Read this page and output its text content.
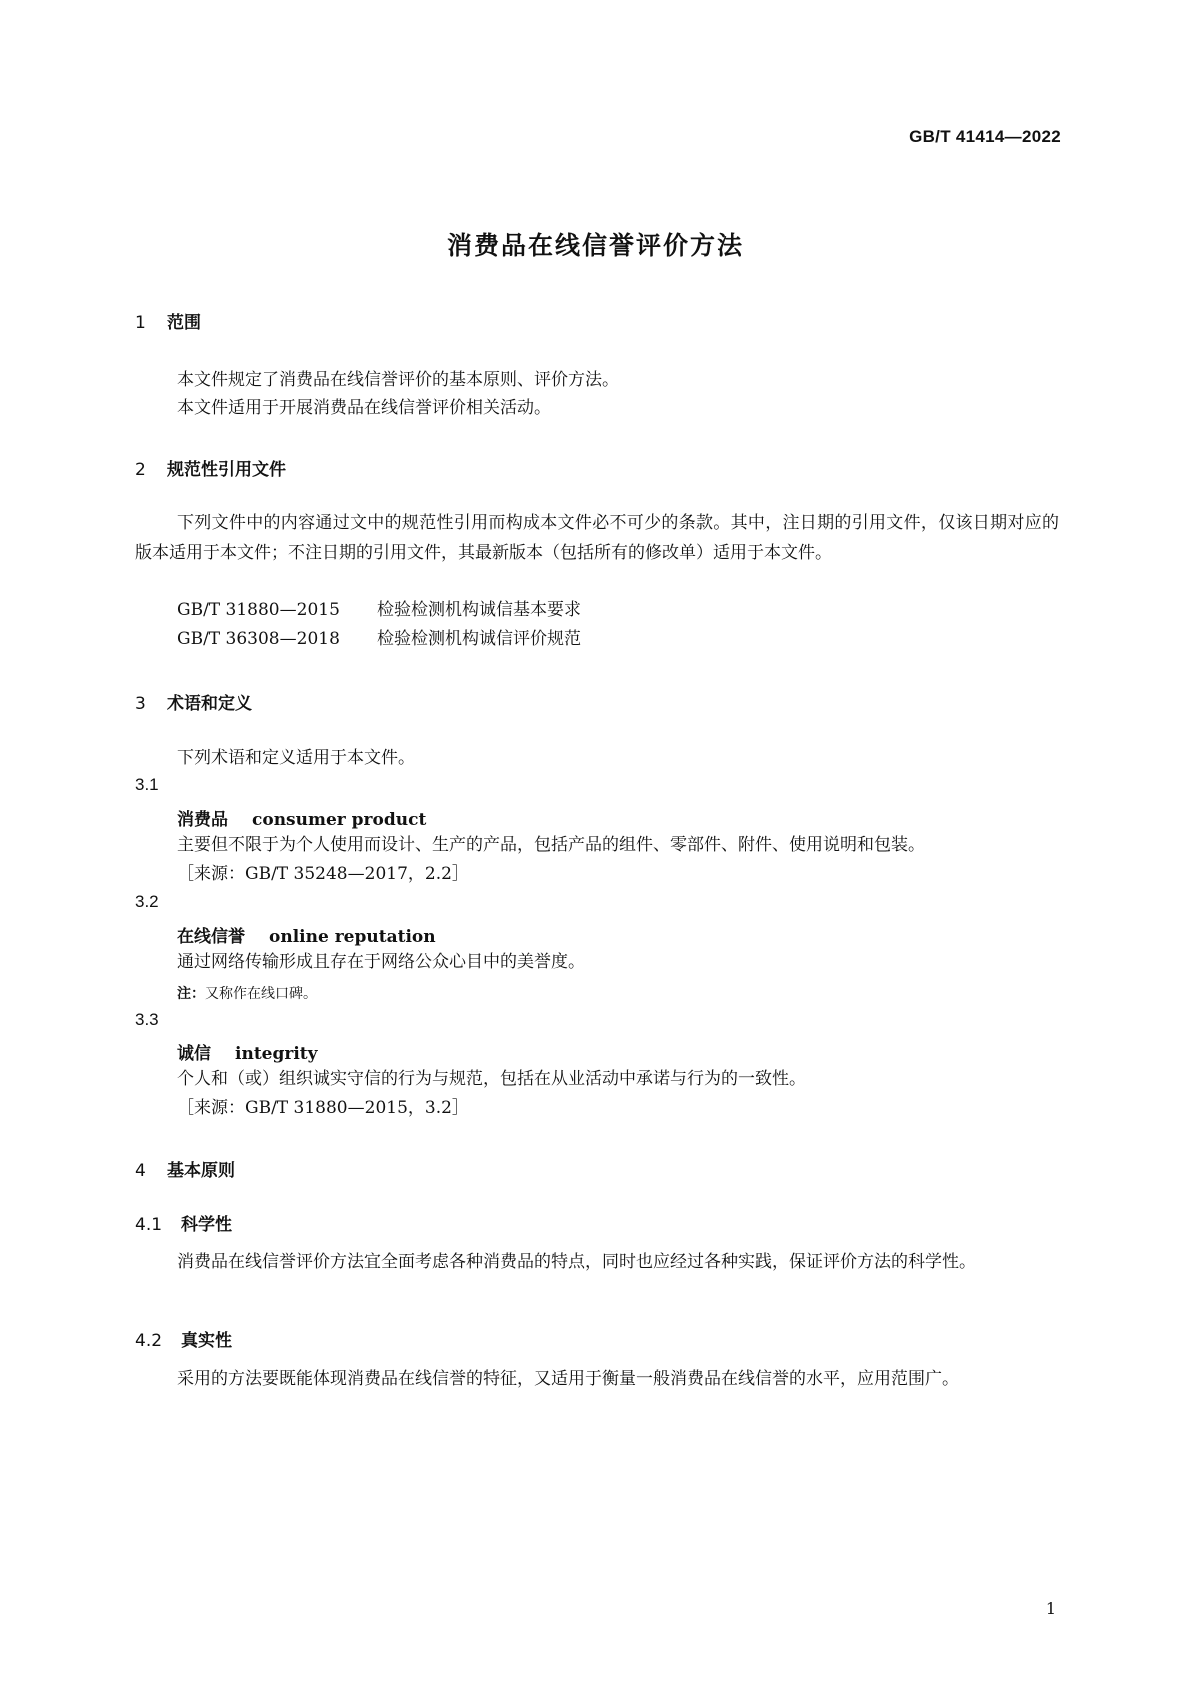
GB/T 41414—2022
消费品在线信誉评价方法
1 范围
本文件规定了消费品在线信誉评价的基本原则、评价方法。
本文件适用于开展消费品在线信誉评价相关活动。
2 规范性引用文件
下列文件中的内容通过文中的规范性引用而构成本文件必不可少的条款。其中，注日期的引用文件，仅该日期对应的版本适用于本文件；不注日期的引用文件，其最新版本（包括所有的修改单）适用于本文件。
GB/T 31880—2015 检验检测机构诚信基本要求
GB/T 36308—2018 检验检测机构诚信评价规范
3 术语和定义
下列术语和定义适用于本文件。
3.1
消费品 consumer product
主要但不限于为个人使用而设计、生产的产品，包括产品的组件、零部件、附件、使用说明和包装。
［来源：GB/T 35248—2017，2.2］
3.2
在线信誉 online reputation
通过网络传输形成且存在于网络公众心目中的美誉度。
注：又称作在线口碑。
3.3
诚信 integrity
个人和（或）组织诚实守信的行为与规范，包括在从业活动中承诺与行为的一致性。
［来源：GB/T 31880—2015，3.2］
4 基本原则
4.1 科学性
消费品在线信誉评价方法宜全面考虑各种消费品的特点，同时也应经过各种实践，保证评价方法的科学性。
4.2 真实性
采用的方法要既能体现消费品在线信誉的特征，又适用于衡量一般消费品在线信誉的水平，应用范围广。
1
